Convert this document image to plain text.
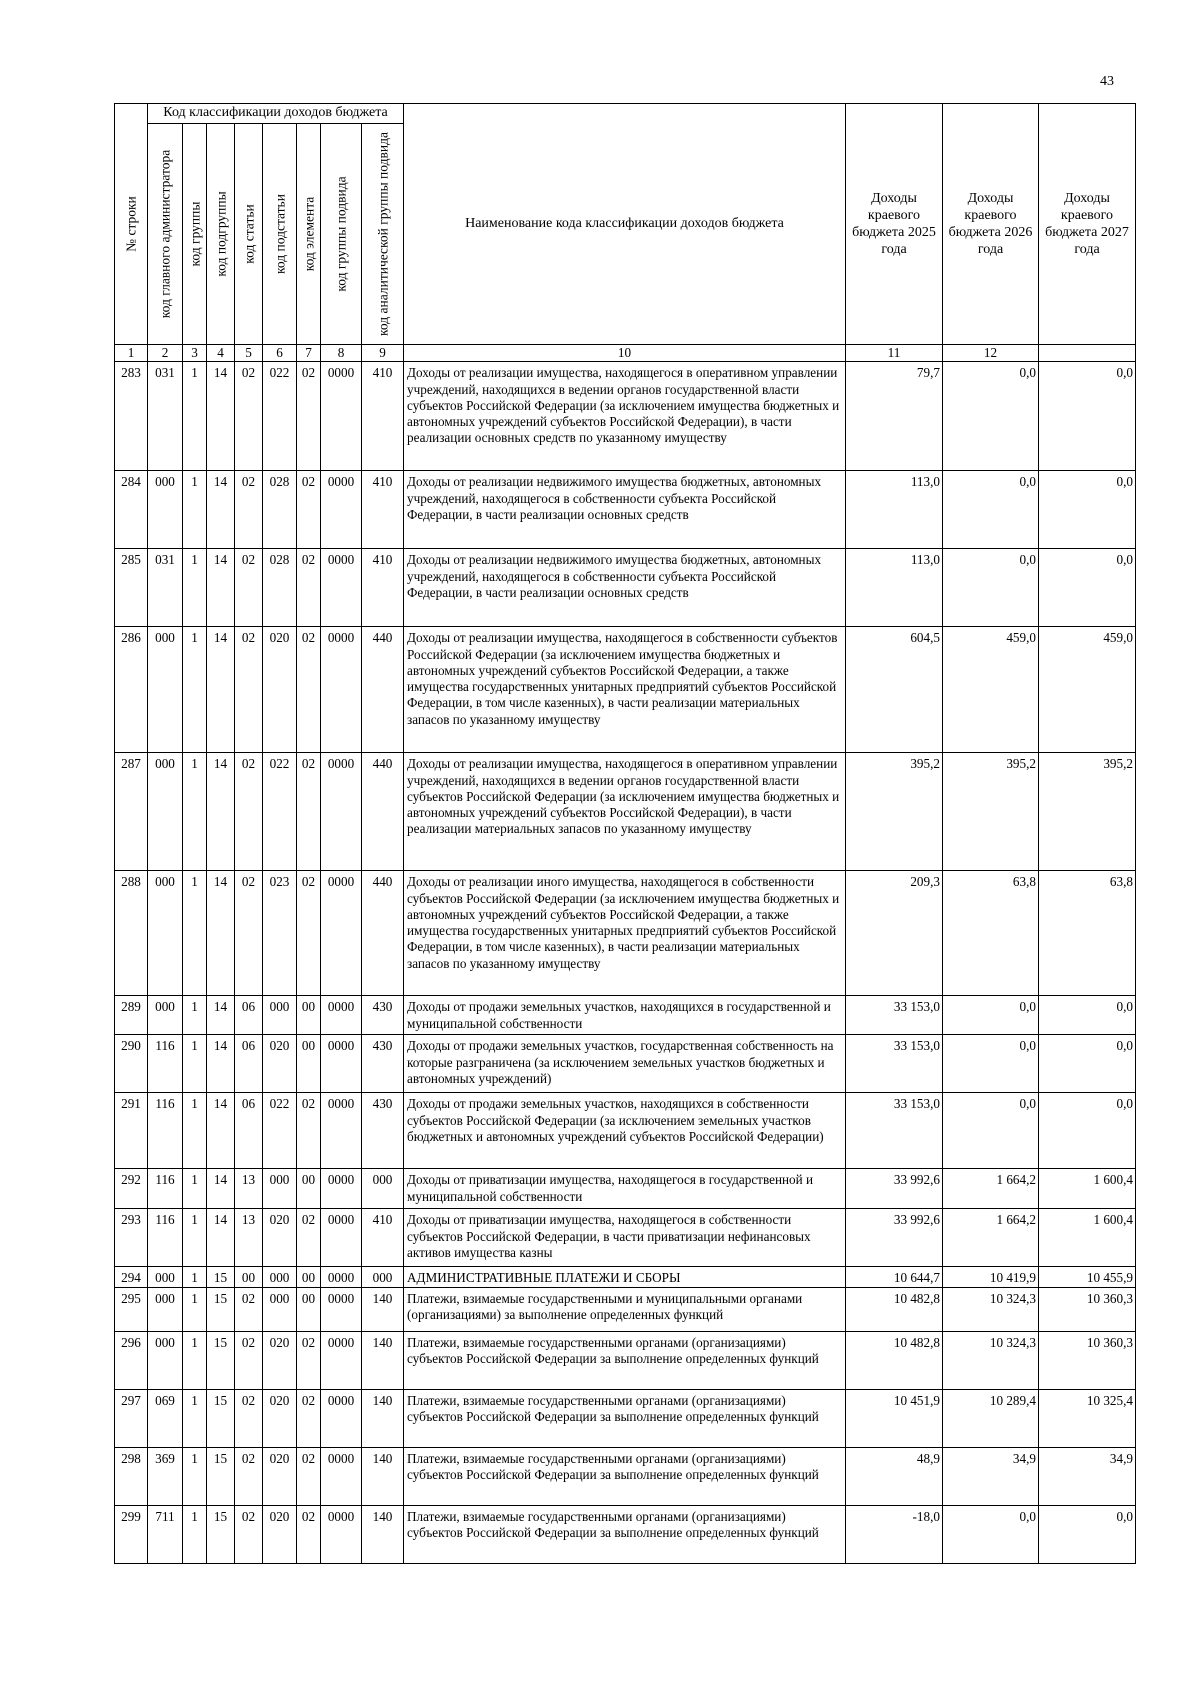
43
№ строки	Код классификации доходов бюджета								Наименование кода классификации доходов бюджета	Доходы краевого бюджета 2025 года	Доходы краевого бюджета 2026 года	Доходы краевого бюджета 2027 года

	код главного администратора	код группы	код подгруппы	код статьи	код подстатьи	код элемента	код группы подвида	код аналитической группы подвида				

1	2	3	4	5	6	7	8	9	10	11	12	
283	031	1	14	02	022	02	0000	410	Доходы от реализации имущества, находящегося в оперативном управлении учреждений, находящихся в ведении органов государственной власти субъектов Российской Федерации (за исключением имущества бюджетных и автономных учреждений субъектов Российской Федерации), в части реализации основных средств по указанному имуществу	79,7	0,0	0,0
284	000	1	14	02	028	02	0000	410	Доходы от реализации недвижимого имущества бюджетных, автономных учреждений, находящегося в собственности субъекта Российской Федерации, в части реализации основных средств	113,0	0,0	0,0
285	031	1	14	02	028	02	0000	410	Доходы от реализации недвижимого имущества бюджетных, автономных учреждений, находящегося в собственности субъекта Российской Федерации, в части реализации основных средств	113,0	0,0	0,0
286	000	1	14	02	020	02	0000	440	Доходы от реализации имущества, находящегося в собственности субъектов Российской Федерации (за исключением имущества бюджетных и автономных учреждений субъектов Российской Федерации, а также имущества государственных унитарных предприятий субъектов Российской Федерации, в том числе казенных), в части реализации материальных запасов по указанному имуществу	604,5	459,0	459,0
287	000	1	14	02	022	02	0000	440	Доходы от реализации имущества, находящегося в оперативном управлении учреждений, находящихся в ведении органов государственной власти субъектов Российской Федерации (за исключением имущества бюджетных и автономных учреждений субъектов Российской Федерации), в части реализации материальных запасов по указанному имуществу	395,2	395,2	395,2
288	000	1	14	02	023	02	0000	440	Доходы от реализации иного имущества, находящегося в собственности субъектов Российской Федерации (за исключением имущества бюджетных и автономных учреждений субъектов Российской Федерации, а также имущества государственных унитарных предприятий субъектов Российской Федерации, в том числе казенных), в части реализации материальных запасов по указанному имуществу	209,3	63,8	63,8
289	000	1	14	06	000	00	0000	430	Доходы от продажи земельных участков, находящихся в государственной и муниципальной собственности	33 153,0	0,0	0,0
290	116	1	14	06	020	00	0000	430	Доходы от продажи земельных участков, государственная собственность на которые разграничена (за исключением земельных участков бюджетных и автономных учреждений)	33 153,0	0,0	0,0
291	116	1	14	06	022	02	0000	430	Доходы от продажи земельных участков, находящихся в собственности субъектов Российской Федерации (за исключением земельных участков бюджетных и автономных учреждений субъектов Российской Федерации)	33 153,0	0,0	0,0
292	116	1	14	13	000	00	0000	000	Доходы от приватизации имущества, находящегося в государственной и муниципальной собственности	33 992,6	1 664,2	1 600,4
293	116	1	14	13	020	02	0000	410	Доходы от приватизации имущества, находящегося в собственности субъектов Российской Федерации, в части приватизации нефинансовых активов имущества казны	33 992,6	1 664,2	1 600,4
294	000	1	15	00	000	00	0000	000	АДМИНИСТРАТИВНЫЕ ПЛАТЕЖИ И СБОРЫ	10 644,7	10 419,9	10 455,9
295	000	1	15	02	000	00	0000	140	Платежи, взимаемые государственными и муниципальными органами (организациями) за выполнение определенных функций	10 482,8	10 324,3	10 360,3
296	000	1	15	02	020	02	0000	140	Платежи, взимаемые государственными органами (организациями) субъектов Российской Федерации за выполнение определенных функций	10 482,8	10 324,3	10 360,3
297	069	1	15	02	020	02	0000	140	Платежи, взимаемые государственными органами (организациями) субъектов Российской Федерации за выполнение определенных функций	10 451,9	10 289,4	10 325,4
298	369	1	15	02	020	02	0000	140	Платежи, взимаемые государственными органами (организациями) субъектов Российской Федерации за выполнение определенных функций	48,9	34,9	34,9
299	711	1	15	02	020	02	0000	140	Платежи, взимаемые государственными органами (организациями) субъектов Российской Федерации за выполнение определенных функций	-18,0	0,0	0,0
